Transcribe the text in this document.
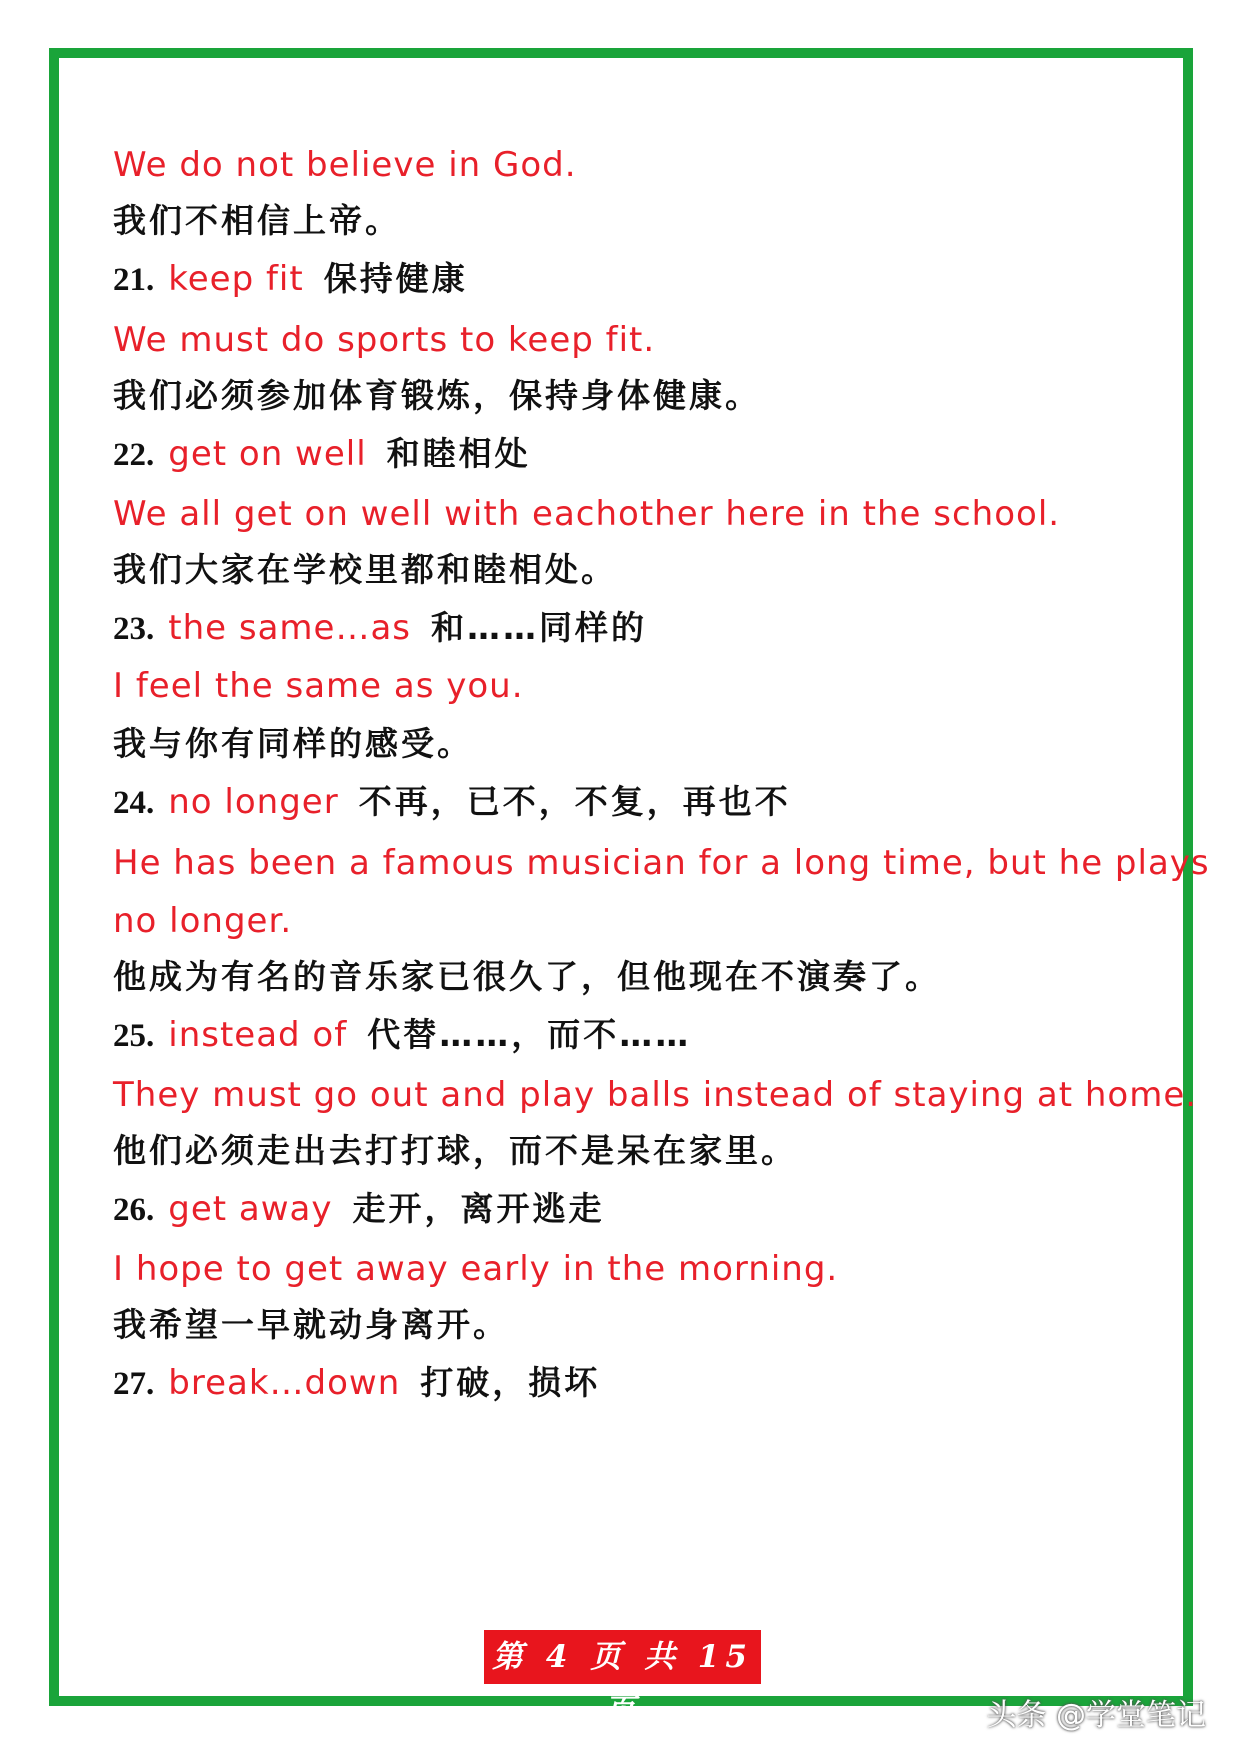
We do not believe in God.
我们不相信上帝。
21. keep fit 保持健康
We must do sports to keep fit.
我们必须参加体育锻炼，保持身体健康。
22. get on well 和睦相处
We all get on well with eachother here in the school.
我们大家在学校里都和睦相处。
23. the same…as 和……同样的
I feel the same as you.
我与你有同样的感受。
24. no longer 不再，已不，不复，再也不
He has been a famous musician for a long time, but he plays
no longer.
他成为有名的音乐家已很久了，但他现在不演奏了。
25. instead of 代替……，而不……
They must go out and play balls instead of staying at home.
他们必须走出去打打球，而不是呆在家里。
26. get away 走开，离开逃走
I hope to get away early in the morning.
我希望一早就动身离开。
27. break…down 打破，损坏
第 4 页 共 15 页	头条 @学堂笔记
